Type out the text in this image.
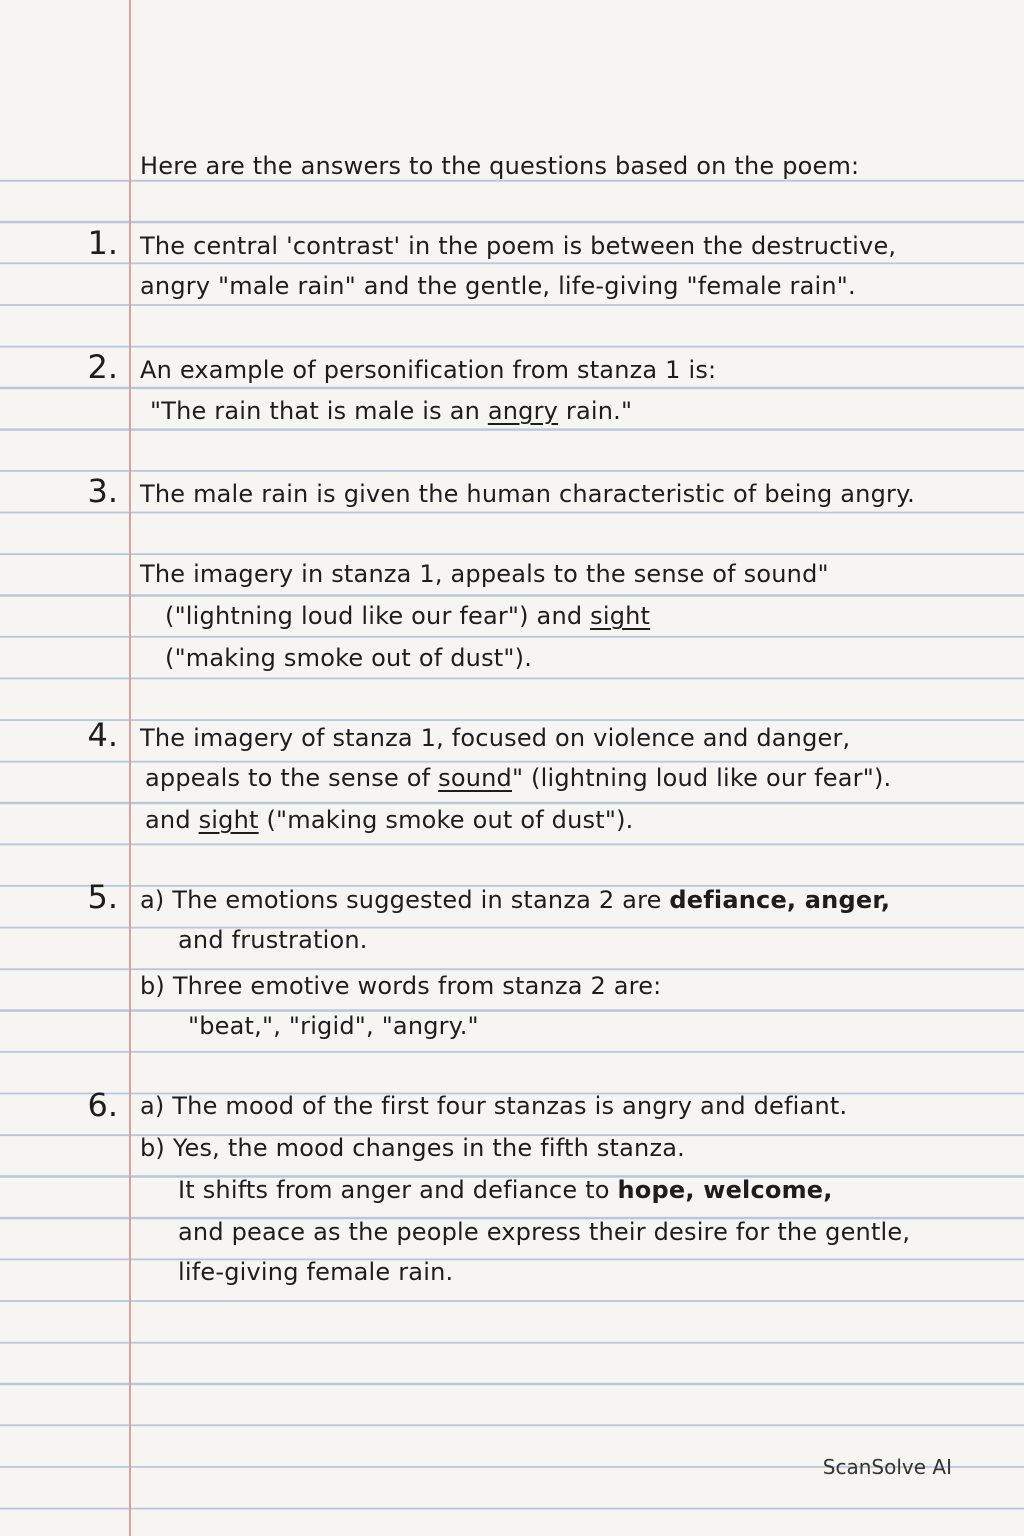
Here are the answers to the questions based on the poem:
1. The central 'contrast' in the poem is between the destructive,
angry "male rain" and the gentle, life-giving "female rain".
2. An example of personification from stanza 1 is:
"The rain that is male is an angry rain."
3. The male rain is given the human characteristic of being angry.
The imagery in stanza 1, appeals to the sense of sound"
("lightning loud like our fear") and sight
("making smoke out of dust").
4. The imagery of stanza 1, focused on violence and danger,
appeals to the sense of sound" (lightning loud like our fear").
and sight ("making smoke out of dust").
5. a) The emotions suggested in stanza 2 are defiance, anger,
and frustration.
b) Three emotive words from stanza 2 are:
"beat,", "rigid", "angry."
6. a) The mood of the first four stanzas is angry and defiant.
b) Yes, the mood changes in the fifth stanza.
It shifts from anger and defiance to hope, welcome,
and peace as the people express their desire for the gentle,
life-giving female rain.
ScanSolve AI
